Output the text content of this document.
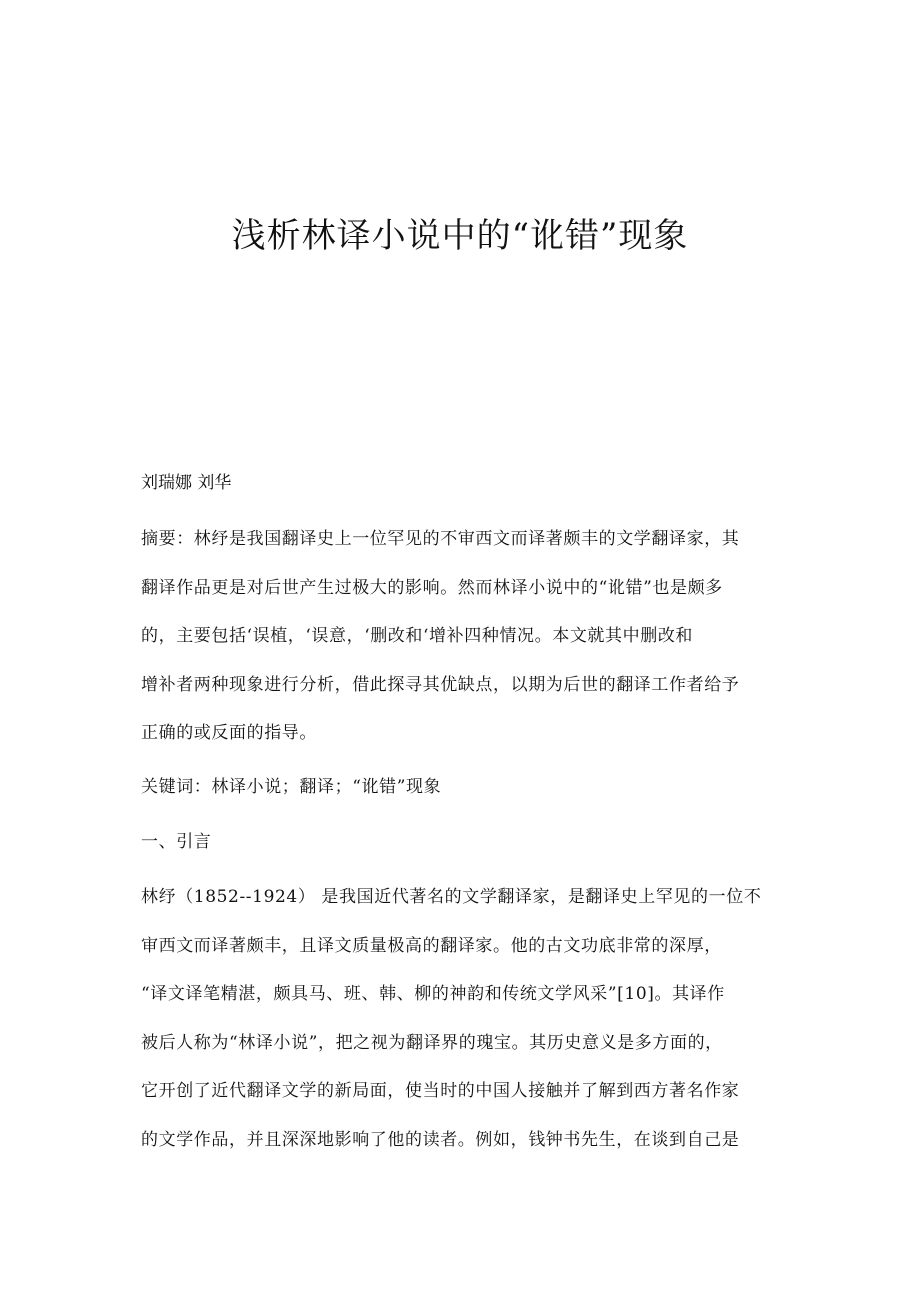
浅析林译小说中的“讹错”现象

刘瑞娜 刘华

摘要：林纾是我国翻译史上一位罕见的不审西文而译著颇丰的文学翻译家，其
翻译作品更是对后世产生过极大的影响。然而林译小说中的“讹错”也是颇多
的，主要包括‘误植，‘误意，‘删改和‘增补四种情况。本文就其中删改和
增补者两种现象进行分析，借此探寻其优缺点，以期为后世的翻译工作者给予
正确的或反面的指导。

关键词：林译小说；翻译；“讹错”现象

一、引言

林纾（1852--1924） 是我国近代著名的文学翻译家，是翻译史上罕见的一位不
审西文而译著颇丰，且译文质量极高的翻译家。他的古文功底非常的深厚，
“译文译笔精湛，颇具马、班、韩、柳的神韵和传统文学风采”[10]。其译作
被后人称为“林译小说”，把之视为翻译界的瑰宝。其历史意义是多方面的，
它开创了近代翻译文学的新局面，使当时的中国人接触并了解到西方著名作家
的文学作品，并且深深地影响了他的读者。例如，钱钟书先生，在谈到自己是
